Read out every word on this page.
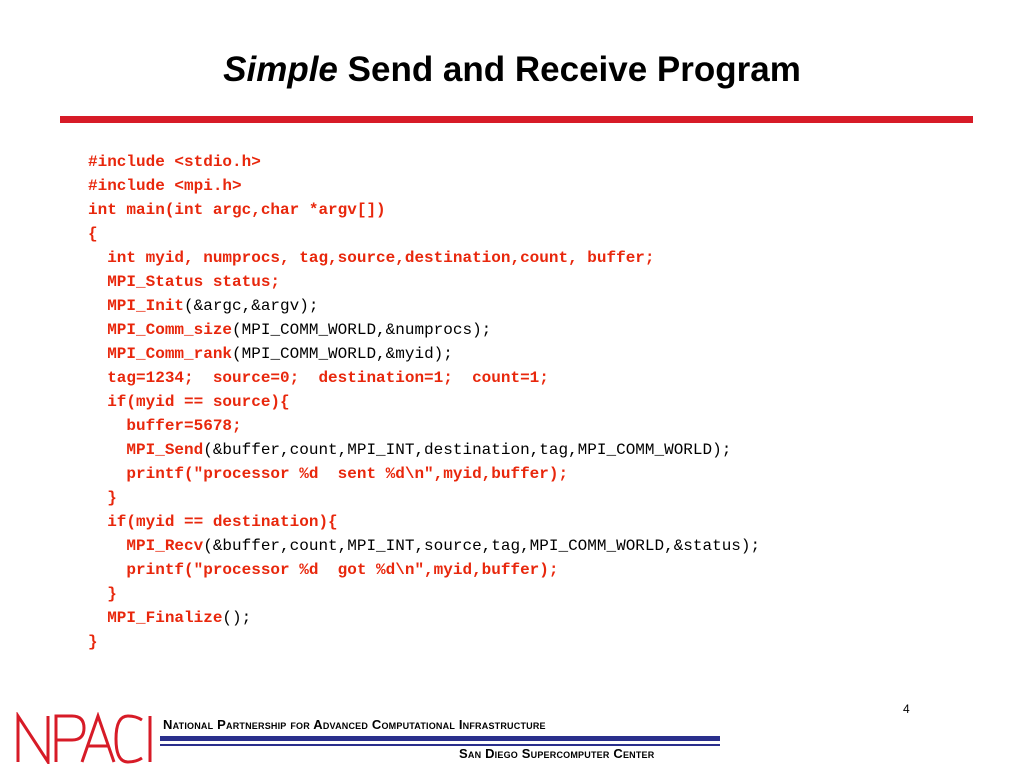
Simple Send and Receive Program
#include <stdio.h>
#include <mpi.h>
int main(int argc,char *argv[])
{
int myid, numprocs, tag,source,destination,count, buffer;
MPI_Status status;
MPI_Init(&argc,&argv);
MPI_Comm_size(MPI_COMM_WORLD,&numprocs);
MPI_Comm_rank(MPI_COMM_WORLD,&myid);
tag=1234;  source=0;  destination=1;  count=1;
if(myid == source){
buffer=5678;
MPI_Send(&buffer,count,MPI_INT,destination,tag,MPI_COMM_WORLD);
printf("processor %d  sent %d\n",myid,buffer);
}
if(myid == destination){
MPI_Recv(&buffer,count,MPI_INT,source,tag,MPI_COMM_WORLD,&status);
printf("processor %d  got %d\n",myid,buffer);
}
MPI_Finalize();
}
4
National Partnership for Advanced Computational Infrastructure
San Diego Supercomputer Center
